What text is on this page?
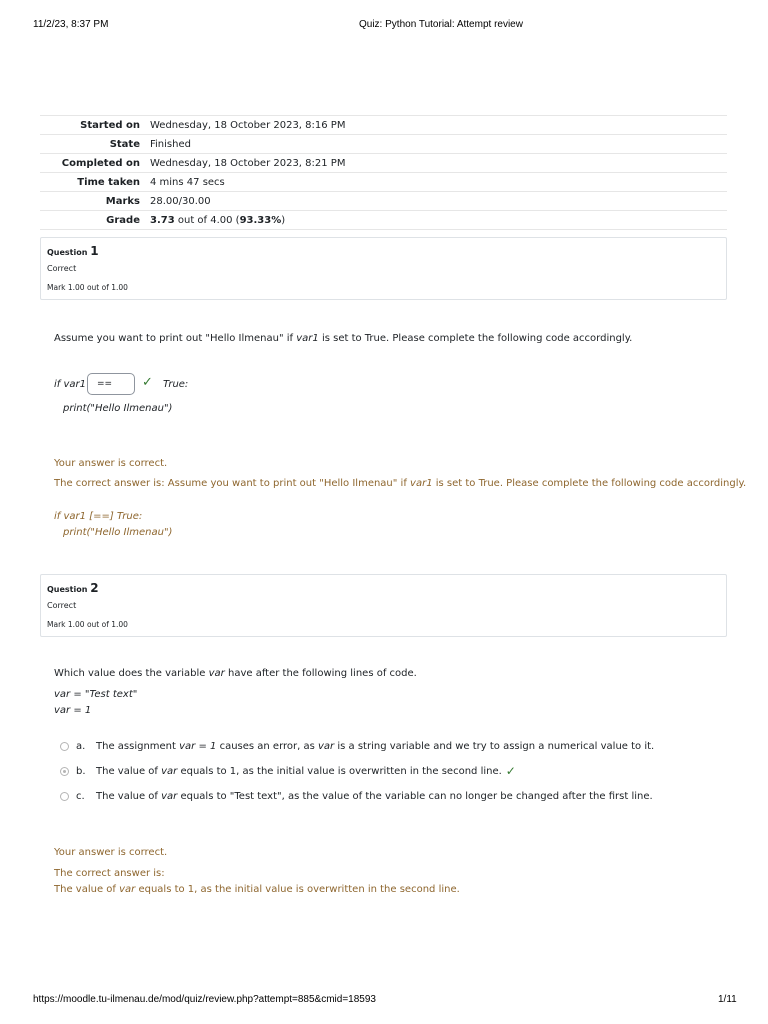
11/2/23, 8:37 PM	Quiz: Python Tutorial: Attempt review
Started on	Wednesday, 18 October 2023, 8:16 PM
State	Finished
Completed on	Wednesday, 18 October 2023, 8:21 PM
Time taken	4 mins 47 secs
Marks	28.00/30.00
Grade	3.73 out of 4.00 (93.33%)
Question 1
Correct
Mark 1.00 out of 1.00
Assume you want to print out "Hello Ilmenau" if var1 is set to True. Please complete the following code accordingly.
if var1 == ✓ True:
print("Hello Ilmenau")
Your answer is correct.
The correct answer is: Assume you want to print out "Hello Ilmenau" if var1 is set to True. Please complete the following code accordingly.
if var1 [==] True:
print("Hello Ilmenau")
Question 2
Correct
Mark 1.00 out of 1.00
Which value does the variable var have after the following lines of code.
var = "Test text"
var = 1
a.	The assignment var = 1 causes an error, as var is a string variable and we try to assign a numerical value to it.
b.	The value of var equals to 1, as the initial value is overwritten in the second line. ✓
c.	The value of var equals to "Test text", as the value of the variable can no longer be changed after the first line.
Your answer is correct.
The correct answer is:
The value of var equals to 1, as the initial value is overwritten in the second line.
https://moodle.tu-ilmenau.de/mod/quiz/review.php?attempt=885&cmid=18593	1/11
